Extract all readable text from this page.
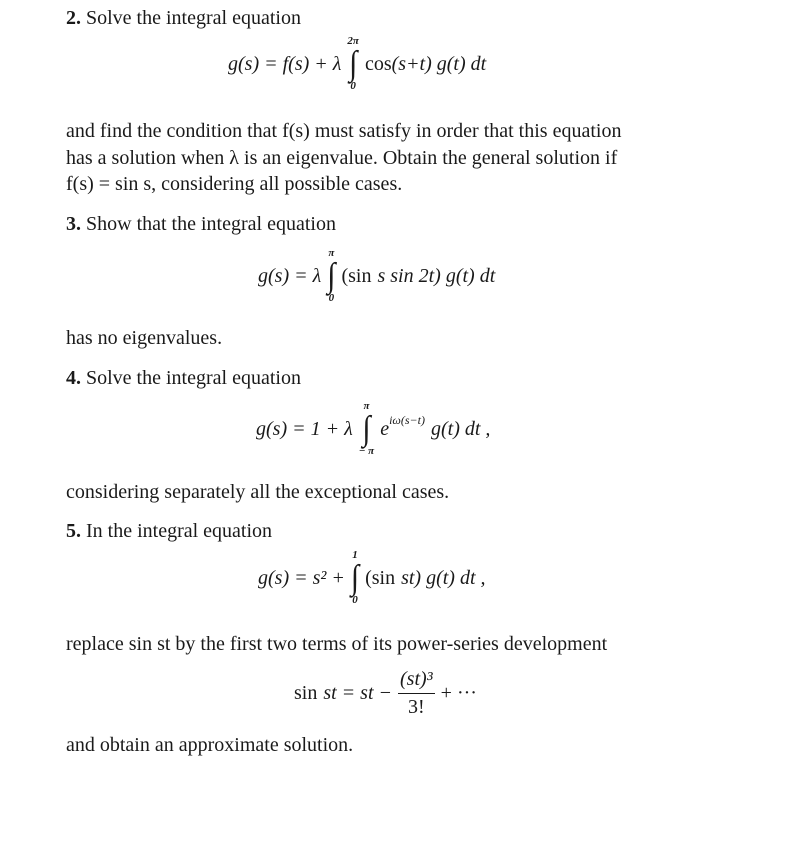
2. Solve the integral equation
g(s) = f(s) + λ
2π
∫
0
cos (s+t) g(t) dt
and find the condition that f(s) must satisfy in order that this equation
has a solution when λ is an eigenvalue. Obtain the general solution if
f(s) = sin s, considering all possible cases.
3. Show that the integral equation
g(s) = λ
π
∫
0
(sin s sin 2t) g(t) dt
has no eigenvalues.
4. Solve the integral equation
g(s) = 1 + λ
π
∫
− π
$e^{i\omega(s-t)}$ g(t) dt ,
considering separately all the exceptional cases.
5. In the integral equation
g(s) = s² +
1
∫
0
(sin st) g(t) dt ,
replace sin st by the first two terms of its power-series development
sin st = st − $\frac{\text{(st)³}}{3!}$ + ···
and obtain an approximate solution.
